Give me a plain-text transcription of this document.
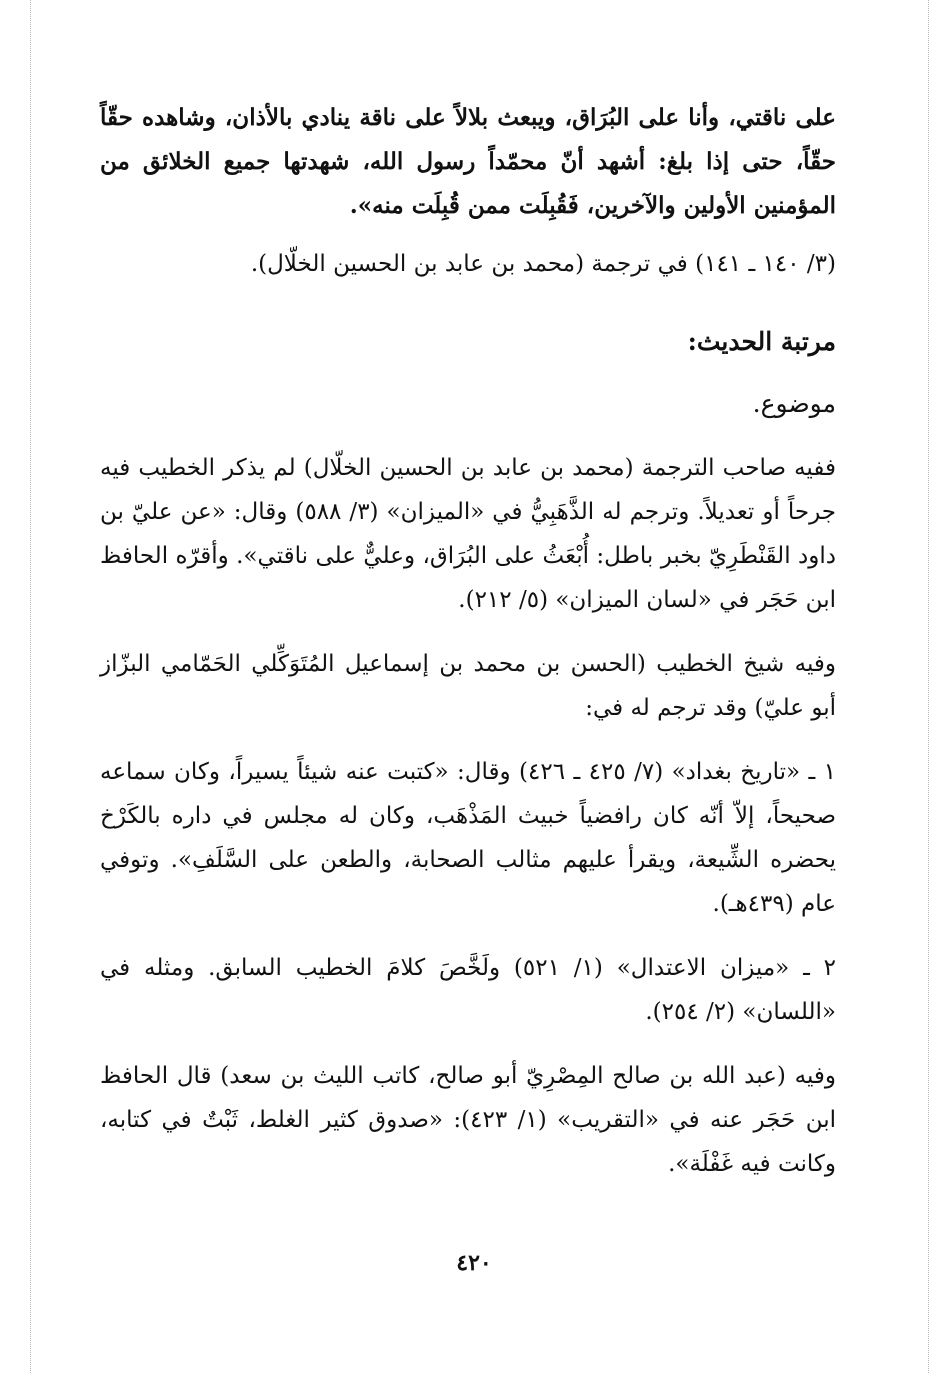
على ناقتي، وأنا على البُرَاق، ويبعث بلالاً على ناقة ينادي بالأذان، وشاهده حقّاً حقّاً، حتى إذا بلغ: أشهد أنّ محمّداً رسول الله، شهدتها جميع الخلائق من المؤمنين الأولين والآخرين، فَقُبِلَت ممن قُبِلَت منه».

(٣/ ١٤٠ ـ ١٤١) في ترجمة (محمد بن عابد بن الحسين الخلّال).

مرتبة الحديث:
موضوع.

ففيه صاحب الترجمة (محمد بن عابد بن الحسين الخلّال) لم يذكر الخطيب فيه جرحاً أو تعديلاً. وترجم له الذَّهَبِيُّ في «الميزان» (٣/ ٥٨٨) وقال: «عن عليّ بن داود القَنْطَرِيّ بخبر باطل: أُبْعَثُ على البُرَاق، وعليٌّ على ناقتي». وأقرّه الحافظ ابن حَجَر في «لسان الميزان» (٥/ ٢١٢).

وفيه شيخ الخطيب (الحسن بن محمد بن إسماعيل المُتَوَكِّلي الحَمّامي البزّاز أبو عليّ) وقد ترجم له في:

١ ـ «تاريخ بغداد» (٧/ ٤٢٥ ـ ٤٢٦) وقال: «كتبت عنه شيئاً يسيراً، وكان سماعه صحيحاً، إلاّ أنّه كان رافضياً خبيث المَذْهَب، وكان له مجلس في داره بالكَرْخ يحضره الشِّيعة، ويقرأ عليهم مثالب الصحابة، والطعن على السَّلَفِ». وتوفي عام (٤٣٩هـ).

٢ ـ «ميزان الاعتدال» (١/ ٥٢١) ولَخَّصَ كلامَ الخطيب السابق. ومثله في «اللسان» (٢/ ٢٥٤).

وفيه (عبد الله بن صالح المِصْرِيّ أبو صالح، كاتب الليث بن سعد) قال الحافظ ابن حَجَر عنه في «التقريب» (١/ ٤٢٣): «صدوق كثير الغلط، ثَبْتٌ في كتابه، وكانت فيه غَفْلَة».

٤٢٠
